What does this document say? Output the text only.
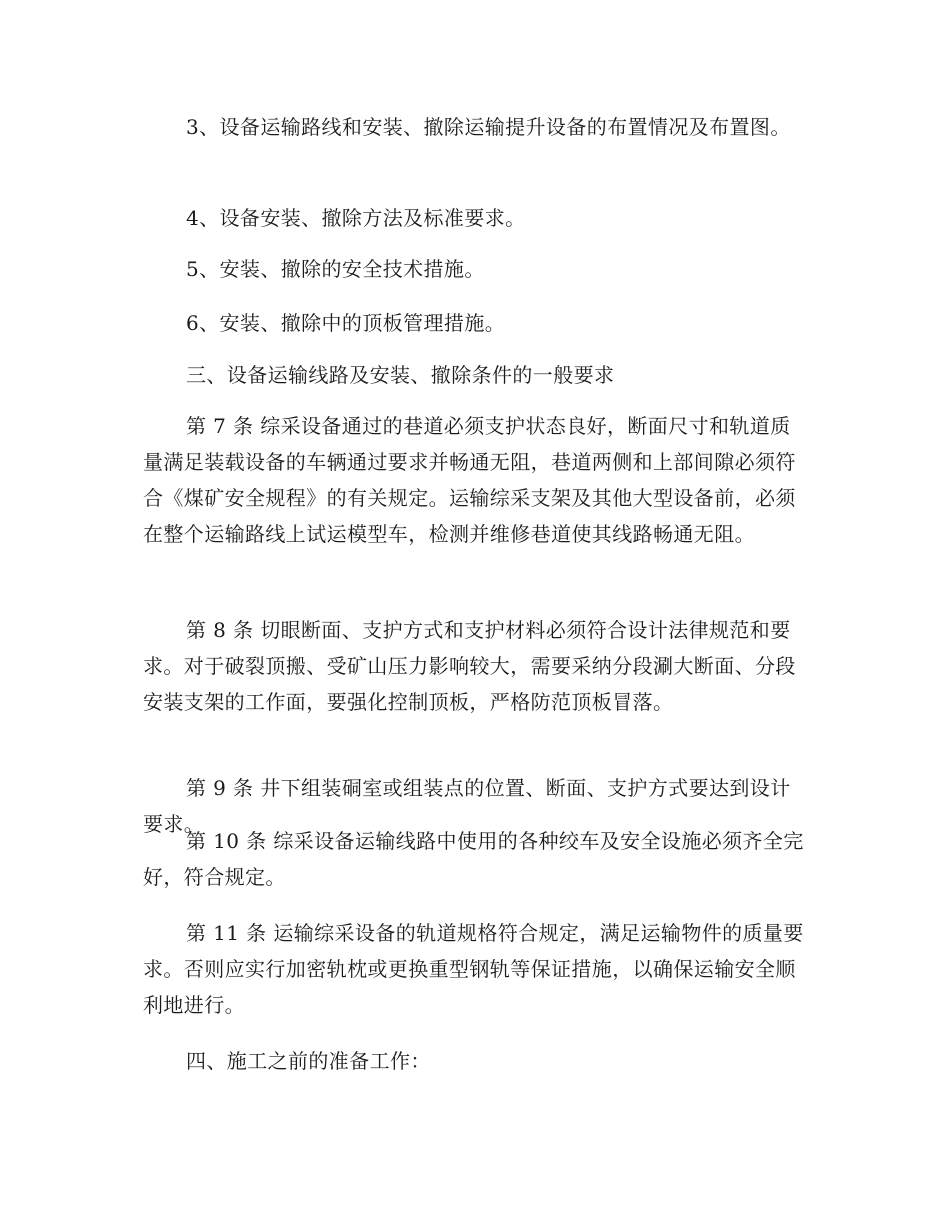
3、设备运输路线和安装、撤除运输提升设备的布置情况及布置图。

4、设备安装、撤除方法及标准要求。

5、安装、撤除的安全技术措施。

6、安装、撤除中的顶板管理措施。

三、设备运输线路及安装、撤除条件的一般要求

第 7 条 综采设备通过的巷道必须支护状态良好，断面尺寸和轨道质量满足装载设备的车辆通过要求并畅通无阻，巷道两侧和上部间隙必须符合《煤矿安全规程》的有关规定。运输综采支架及其他大型设备前，必须在整个运输路线上试运模型车，检测并维修巷道使其线路畅通无阻。

第 8 条 切眼断面、支护方式和支护材料必须符合设计法律规范和要求。对于破裂顶搬、受矿山压力影响较大，需要采纳分段涮大断面、分段安装支架的工作面，要强化控制顶板，严格防范顶板冒落。

第 9 条 井下组装硐室或组装点的位置、断面、支护方式要达到设计要求。

第 10 条 综采设备运输线路中使用的各种绞车及安全设施必须齐全完好，符合规定。

第 11 条 运输综采设备的轨道规格符合规定，满足运输物件的质量要求。否则应实行加密轨枕或更换重型钢轨等保证措施，以确保运输安全顺利地进行。

四、施工之前的准备工作：
